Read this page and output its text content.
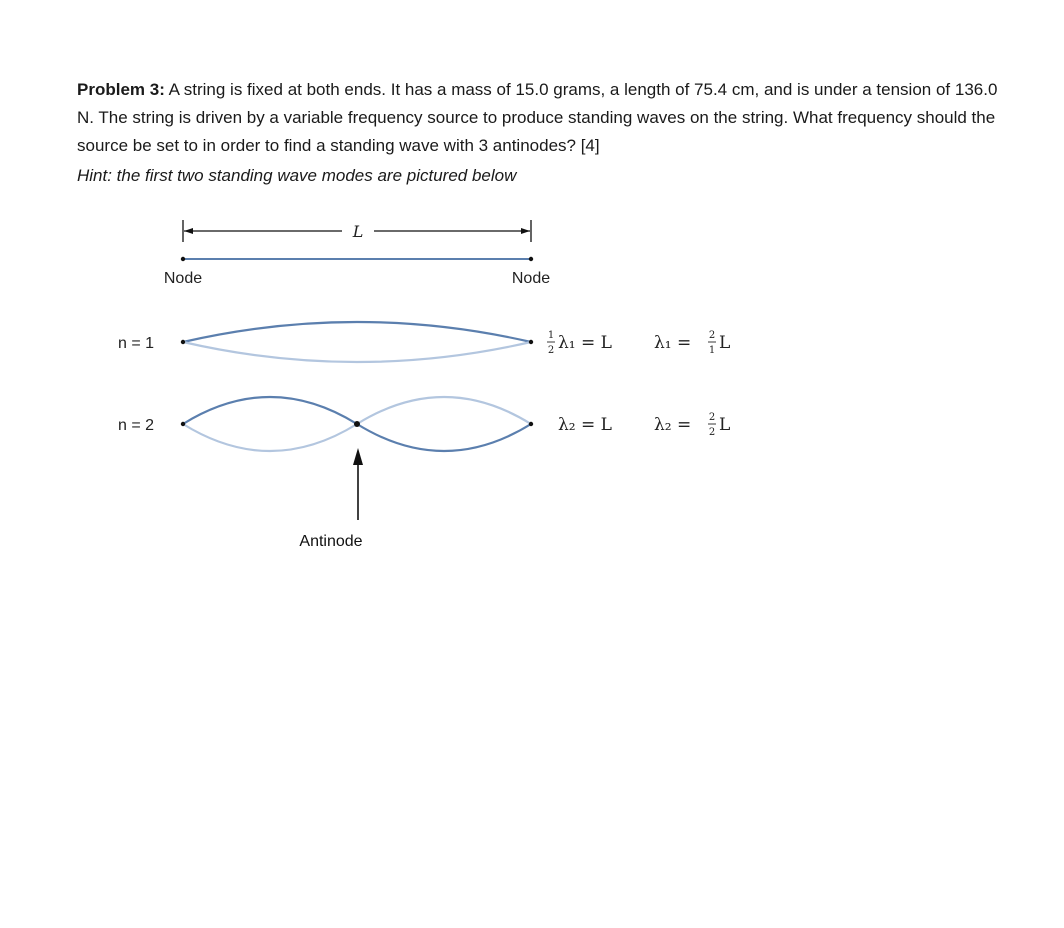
Problem 3: A string is fixed at both ends. It has a mass of 15.0 grams, a length of 75.4 cm, and is under a tension of 136.0 N. The string is driven by a variable frequency source to produce standing waves on the string. What frequency should the source be set to in order to find a standing wave with 3 antinodes? [4]
Hint: the first two standing wave modes are pictured below
L
Node	Node
n = 1	1
2 λ₁ = L λ₁ = 2
1 L
n = 2	λ₂ = L λ₂ = 2
2 L
Antinode
